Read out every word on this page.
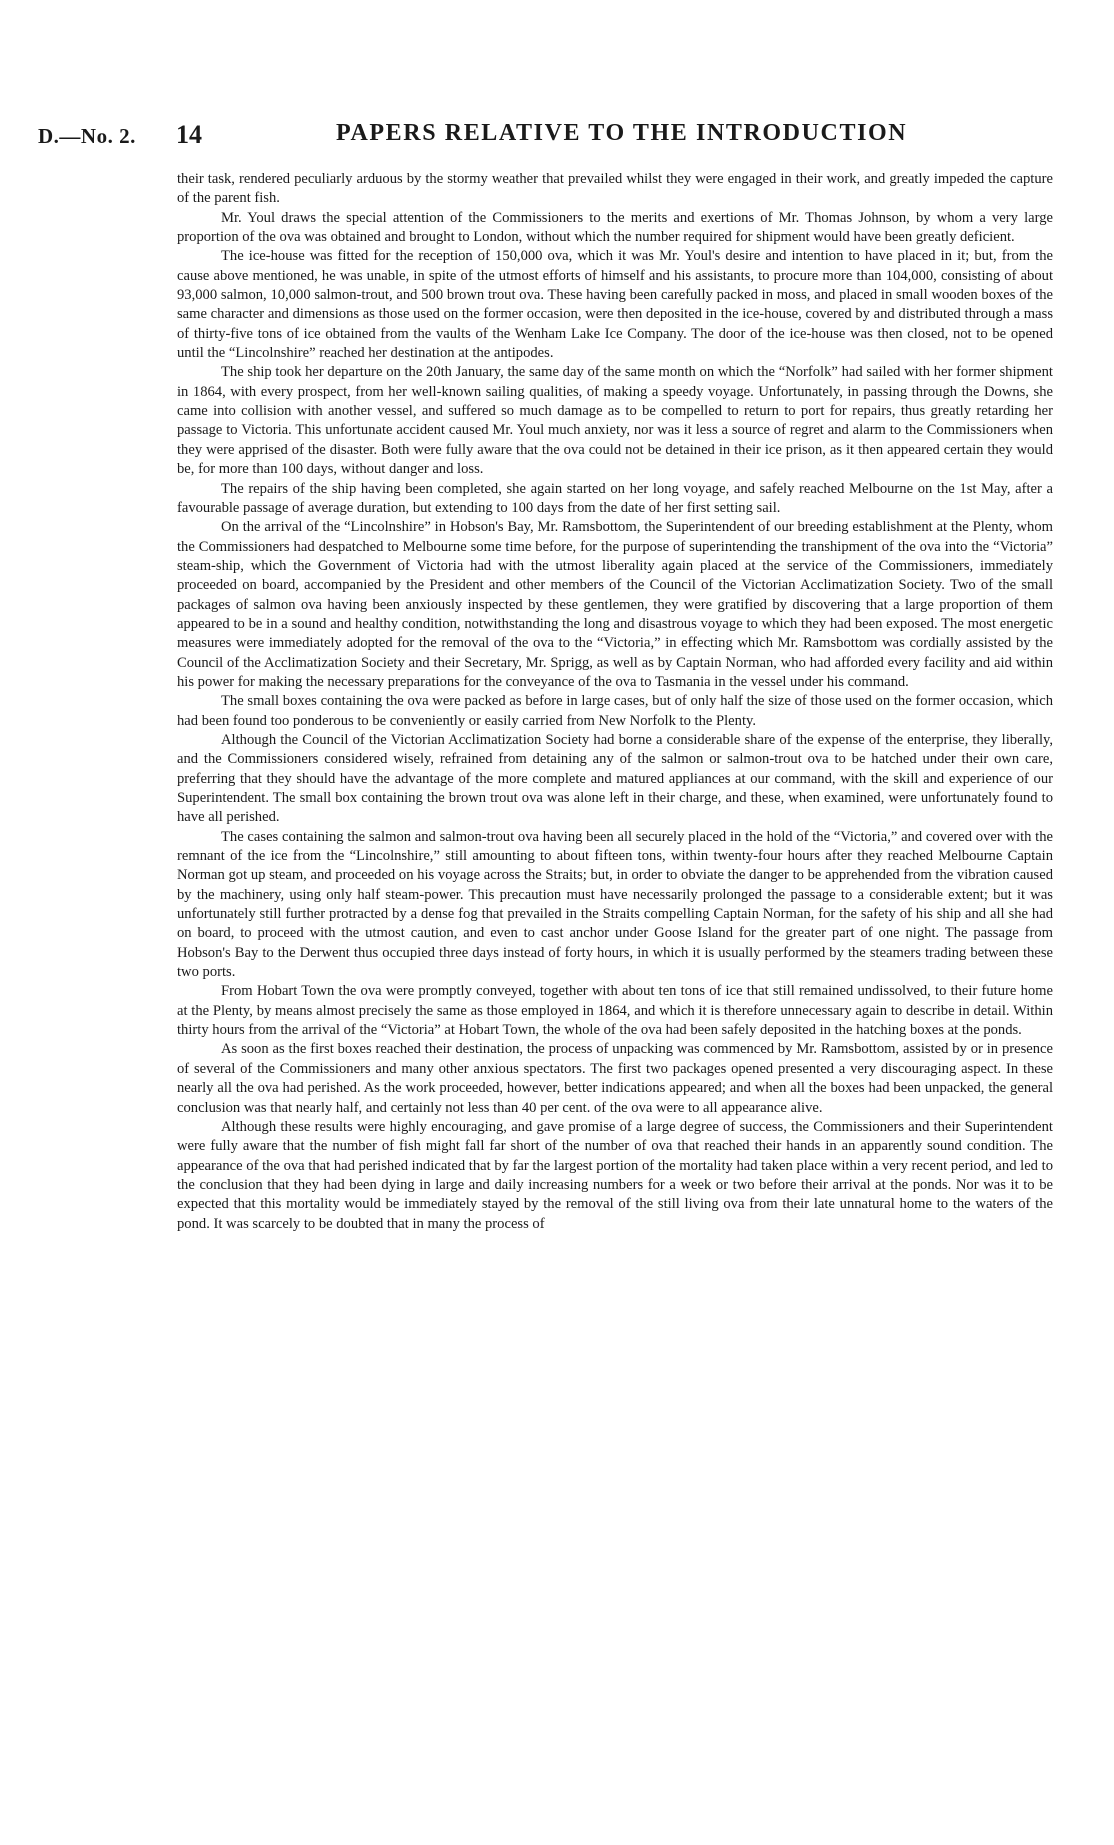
D.—No. 2. 14	PAPERS RELATIVE TO THE INTRODUCTION

their task, rendered peculiarly arduous by the stormy weather that prevailed whilst they were engaged in their work, and greatly impeded the capture of the parent fish.

Mr. Youl draws the special attention of the Commissioners to the merits and exertions of Mr. Thomas Johnson, by whom a very large proportion of the ova was obtained and brought to London, without which the number required for shipment would have been greatly deficient.

The ice-house was fitted for the reception of 150,000 ova, which it was Mr. Youl's desire and intention to have placed in it; but, from the cause above mentioned, he was unable, in spite of the utmost efforts of himself and his assistants, to procure more than 104,000, consisting of about 93,000 salmon, 10,000 salmon-trout, and 500 brown trout ova. These having been carefully packed in moss, and placed in small wooden boxes of the same character and dimensions as those used on the former occasion, were then deposited in the ice-house, covered by and distributed through a mass of thirty-five tons of ice obtained from the vaults of the Wenham Lake Ice Company. The door of the ice-house was then closed, not to be opened until the “Lincolnshire” reached her destination at the antipodes.

The ship took her departure on the 20th January, the same day of the same month on which the “Norfolk” had sailed with her former shipment in 1864, with every prospect, from her well-known sailing qualities, of making a speedy voyage. Unfortunately, in passing through the Downs, she came into collision with another vessel, and suffered so much damage as to be compelled to return to port for repairs, thus greatly retarding her passage to Victoria. This unfortunate accident caused Mr. Youl much anxiety, nor was it less a source of regret and alarm to the Commissioners when they were apprised of the disaster. Both were fully aware that the ova could not be detained in their ice prison, as it then appeared certain they would be, for more than 100 days, without danger and loss.

The repairs of the ship having been completed, she again started on her long voyage, and safely reached Melbourne on the 1st May, after a favourable passage of average duration, but extending to 100 days from the date of her first setting sail.

On the arrival of the “Lincolnshire” in Hobson's Bay, Mr. Ramsbottom, the Superintendent of our breeding establishment at the Plenty, whom the Commissioners had despatched to Melbourne some time before, for the purpose of superintending the transhipment of the ova into the “Victoria” steam-ship, which the Government of Victoria had with the utmost liberality again placed at the service of the Commissioners, immediately proceeded on board, accompanied by the President and other members of the Council of the Victorian Acclimatization Society. Two of the small packages of salmon ova having been anxiously inspected by these gentlemen, they were gratified by discovering that a large proportion of them appeared to be in a sound and healthy condition, notwithstanding the long and disastrous voyage to which they had been exposed. The most energetic measures were immediately adopted for the removal of the ova to the “Victoria,” in effecting which Mr. Ramsbottom was cordially assisted by the Council of the Acclimatization Society and their Secretary, Mr. Sprigg, as well as by Captain Norman, who had afforded every facility and aid within his power for making the necessary preparations for the conveyance of the ova to Tasmania in the vessel under his command.

The small boxes containing the ova were packed as before in large cases, but of only half the size of those used on the former occasion, which had been found too ponderous to be conveniently or easily carried from New Norfolk to the Plenty.

Although the Council of the Victorian Acclimatization Society had borne a considerable share of the expense of the enterprise, they liberally, and the Commissioners considered wisely, refrained from detaining any of the salmon or salmon-trout ova to be hatched under their own care, preferring that they should have the advantage of the more complete and matured appliances at our command, with the skill and experience of our Superintendent. The small box containing the brown trout ova was alone left in their charge, and these, when examined, were unfortunately found to have all perished.

The cases containing the salmon and salmon-trout ova having been all securely placed in the hold of the “Victoria,” and covered over with the remnant of the ice from the “Lincolnshire,” still amounting to about fifteen tons, within twenty-four hours after they reached Melbourne Captain Norman got up steam, and proceeded on his voyage across the Straits; but, in order to obviate the danger to be apprehended from the vibration caused by the machinery, using only half steam-power. This precaution must have necessarily prolonged the passage to a considerable extent; but it was unfortunately still further protracted by a dense fog that prevailed in the Straits compelling Captain Norman, for the safety of his ship and all she had on board, to proceed with the utmost caution, and even to cast anchor under Goose Island for the greater part of one night. The passage from Hobson's Bay to the Derwent thus occupied three days instead of forty hours, in which it is usually performed by the steamers trading between these two ports.

From Hobart Town the ova were promptly conveyed, together with about ten tons of ice that still remained undissolved, to their future home at the Plenty, by means almost precisely the same as those employed in 1864, and which it is therefore unnecessary again to describe in detail. Within thirty hours from the arrival of the “Victoria” at Hobart Town, the whole of the ova had been safely deposited in the hatching boxes at the ponds.

As soon as the first boxes reached their destination, the process of unpacking was commenced by Mr. Ramsbottom, assisted by or in presence of several of the Commissioners and many other anxious spectators. The first two packages opened presented a very discouraging aspect. In these nearly all the ova had perished. As the work proceeded, however, better indications appeared; and when all the boxes had been unpacked, the general conclusion was that nearly half, and certainly not less than 40 per cent. of the ova were to all appearance alive.

Although these results were highly encouraging, and gave promise of a large degree of success, the Commissioners and their Superintendent were fully aware that the number of fish might fall far short of the number of ova that reached their hands in an apparently sound condition. The appearance of the ova that had perished indicated that by far the largest portion of the mortality had taken place within a very recent period, and led to the conclusion that they had been dying in large and daily increasing numbers for a week or two before their arrival at the ponds. Nor was it to be expected that this mortality would be immediately stayed by the removal of the still living ova from their late unnatural home to the waters of the pond. It was scarcely to be doubted that in many the process of
